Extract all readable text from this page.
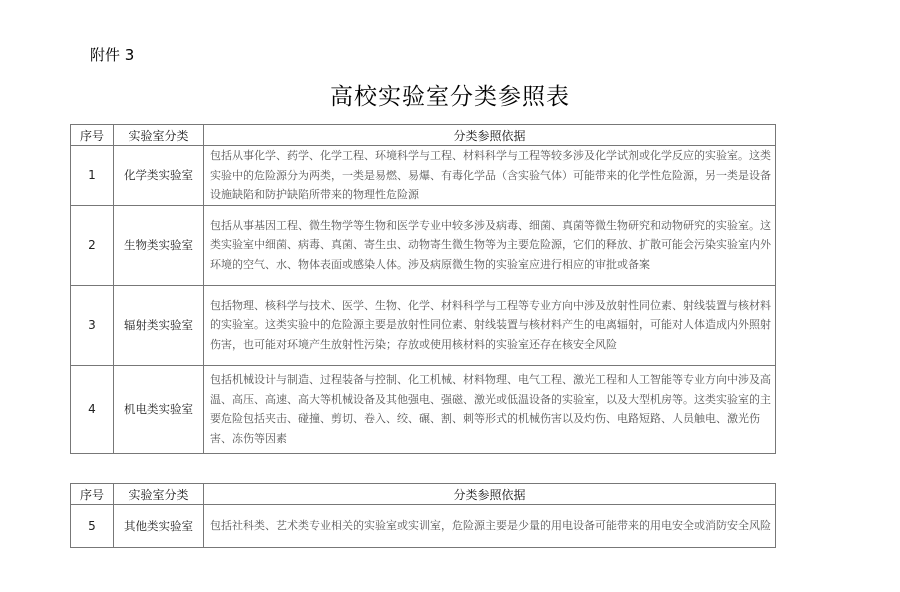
附件 3
高校实验室分类参照表
序号	实验室分类	分类参照依据
1	化学类实验室	包括从事化学、药学、化学工程、环境科学与工程、材料科学与工程等较多涉及化学试剂或化学反应的实验室。这类实验中的危险源分为两类，一类是易燃、易爆、有毒化学品（含实验气体）可能带来的化学性危险源，另一类是设备设施缺陷和防护缺陷所带来的物理性危险源
2	生物类实验室	包括从事基因工程、微生物学等生物和医学专业中较多涉及病毒、细菌、真菌等微生物研究和动物研究的实验室。这类实验室中细菌、病毒、真菌、寄生虫、动物寄生微生物等为主要危险源，它们的释放、扩散可能会污染实验室内外环境的空气、水、物体表面或感染人体。涉及病原微生物的实验室应进行相应的审批或备案
3	辐射类实验室	包括物理、核科学与技术、医学、生物、化学、材料科学与工程等专业方向中涉及放射性同位素、射线装置与核材料的实验室。这类实验中的危险源主要是放射性同位素、射线装置与核材料产生的电离辐射，可能对人体造成内外照射伤害，也可能对环境产生放射性污染；存放或使用核材料的实验室还存在核安全风险
4	机电类实验室	包括机械设计与制造、过程装备与控制、化工机械、材料物理、电气工程、激光工程和人工智能等专业方向中涉及高温、高压、高速、高大等机械设备及其他强电、强磁、激光或低温设备的实验室，以及大型机房等。这类实验室的主要危险包括夹击、碰撞、剪切、卷入、绞、碾、割、刺等形式的机械伤害以及灼伤、电路短路、人员触电、激光伤害、冻伤等因素
序号	实验室分类	分类参照依据
5	其他类实验室	包括社科类、艺术类专业相关的实验室或实训室，危险源主要是少量的用电设备可能带来的用电安全或消防安全风险
